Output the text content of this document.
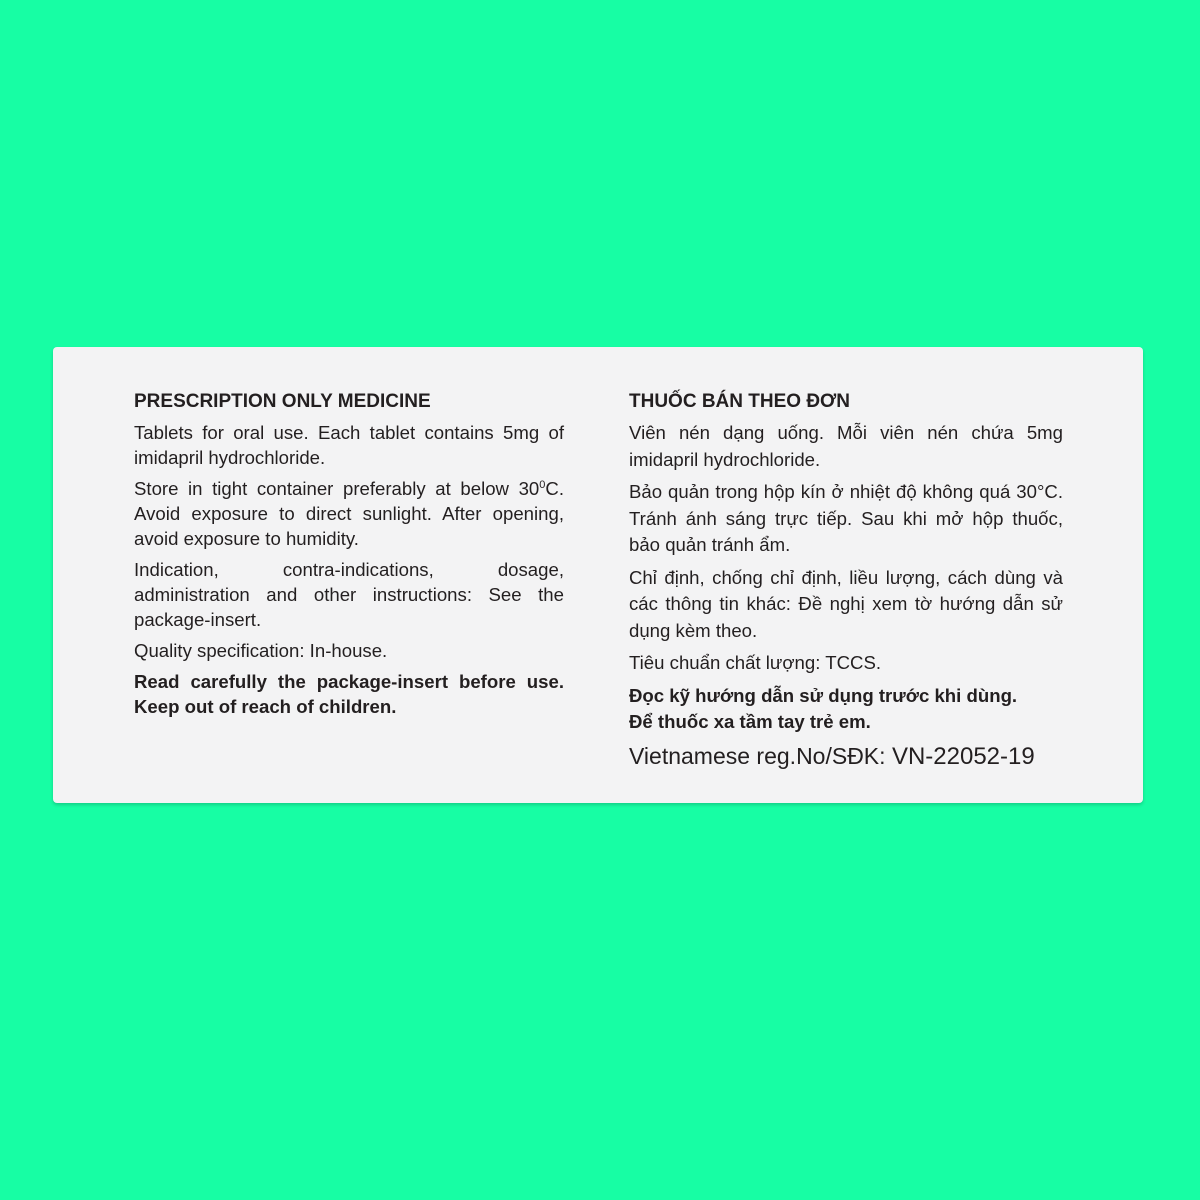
PRESCRIPTION ONLY MEDICINE
Tablets for oral use. Each tablet contains 5mg of imidapril hydrochloride.
Store in tight container preferably at below $30^0C$. Avoid exposure to direct sunlight. After opening, avoid exposure to humidity.
Indication, contra-indications, dosage, administration and other instructions: See the package-insert.
Quality specification: In-house.
Read carefully the package-insert before use. Keep out of reach of children.
THUỐC BÁN THEO ĐƠN
Viên nén dạng uống. Mỗi viên nén chứa 5mg imidapril hydrochloride.
Bảo quản trong hộp kín ở nhiệt độ không quá 30°C. Tránh ánh sáng trực tiếp. Sau khi mở hộp thuốc, bảo quản tránh ẩm.
Chỉ định, chống chỉ định, liều lượng, cách dùng và các thông tin khác: Đề nghị xem tờ hướng dẫn sử dụng kèm theo.
Tiêu chuẩn chất lượng: TCCS.
Đọc kỹ hướng dẫn sử dụng trước khi dùng.
Để thuốc xa tầm tay trẻ em.
Vietnamese reg.No/SĐK: VN-22052-19
